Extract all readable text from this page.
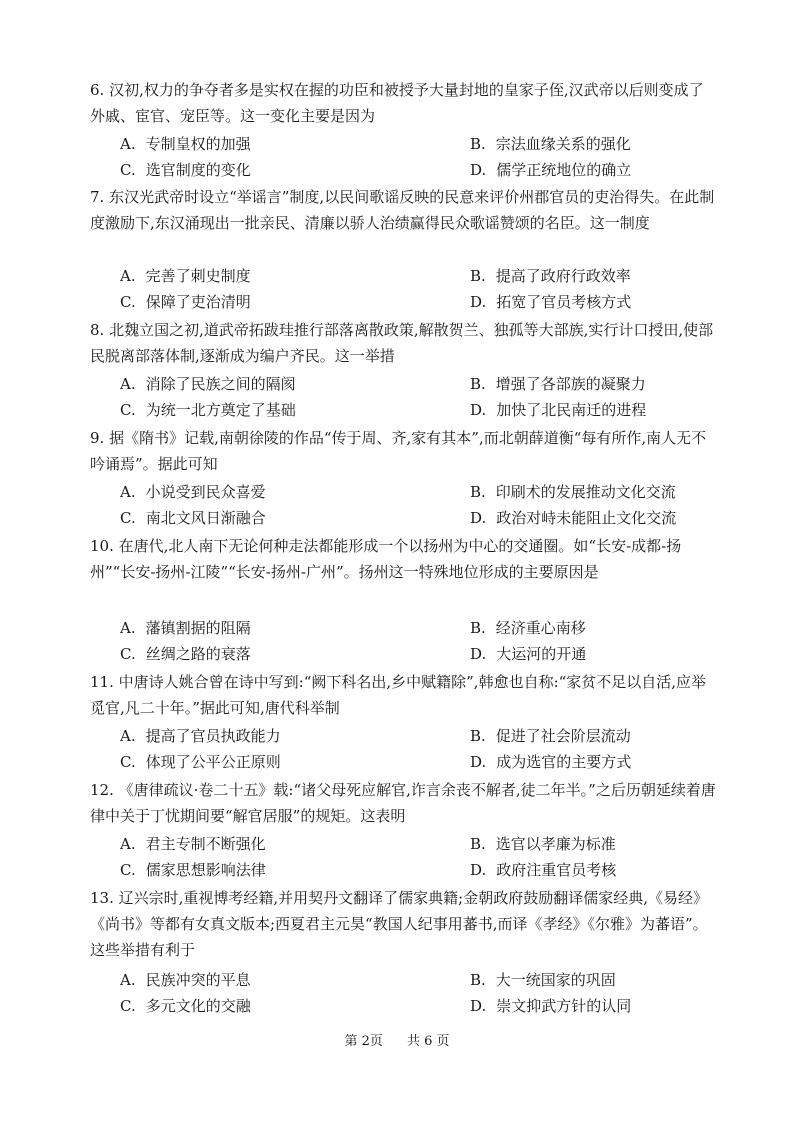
6. 汉初,权力的争夺者多是实权在握的功臣和被授予大量封地的皇家子侄,汉武帝以后则变成了外戚、宦官、宠臣等。这一变化主要是因为

A. 专制皇权的加强	B. 宗法血缘关系的强化
C. 选官制度的变化	D. 儒学正统地位的确立

7. 东汉光武帝时设立“举谣言”制度,以民间歌谣反映的民意来评价州郡官员的吏治得失。在此制度激励下,东汉涌现出一批亲民、清廉以骄人治绩赢得民众歌谣赞颂的名臣。这一制度

A. 完善了刺史制度	B. 提高了政府行政效率
C. 保障了吏治清明	D. 拓宽了官员考核方式

8. 北魏立国之初,道武帝拓跋珪推行部落离散政策,解散贺兰、独孤等大部族,实行计口授田,使部民脱离部落体制,逐渐成为编户齐民。这一举措

A. 消除了民族之间的隔阂	B. 增强了各部族的凝聚力
C. 为统一北方奠定了基础	D. 加快了北民南迁的进程

9. 据《隋书》记载,南朝徐陵的作品“传于周、齐,家有其本”,而北朝薛道衡“每有所作,南人无不吟诵焉”。据此可知

A. 小说受到民众喜爱	B. 印刷术的发展推动文化交流
C. 南北文风日渐融合	D. 政治对峙未能阻止文化交流

10. 在唐代,北人南下无论何种走法都能形成一个以扬州为中心的交通圈。如“长安-成都-扬州”“长安-扬州-江陵”“长安-扬州-广州”。扬州这一特殊地位形成的主要原因是

A. 藩镇割据的阻隔	B. 经济重心南移
C. 丝绸之路的衰落	D. 大运河的开通

11. 中唐诗人姚合曾在诗中写到:“阙下科名出,乡中赋籍除”,韩愈也自称:“家贫不足以自活,应举觅官,凡二十年。”据此可知,唐代科举制

A. 提高了官员执政能力	B. 促进了社会阶层流动
C. 体现了公平公正原则	D. 成为选官的主要方式

12. 《唐律疏议·卷二十五》载:“诸父母死应解官,诈言余丧不解者,徒二年半。”之后历朝延续着唐律中关于丁忧期间要“解官居服”的规矩。这表明

A. 君主专制不断强化	B. 选官以孝廉为标准
C. 儒家思想影响法律	D. 政府注重官员考核

13. 辽兴宗时,重视博考经籍,并用契丹文翻译了儒家典籍;金朝政府鼓励翻译儒家经典,《易经》《尚书》等都有女真文版本;西夏君主元昊“教国人纪事用蕃书,而译《孝经》《尔雅》为蕃语”。这些举措有利于

A. 民族冲突的平息	B. 大一统国家的巩固
C. 多元文化的交融	D. 崇文抑武方针的认同
第 2页 共 6 页
